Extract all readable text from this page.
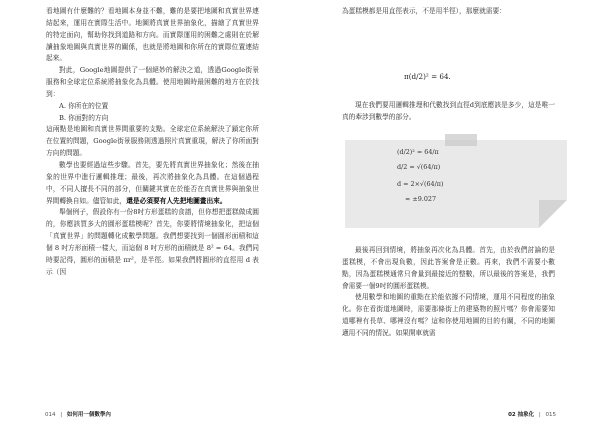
看地圖有什麼難的？看地圖本身並不難，難的是要把地圖和真實世界連結起來，運用在實際生活中。地圖將真實世界抽象化，描繪了真實世界的特定面向，幫助你找到道路和方向。而實際運用的困難之處則在於解讀抽象地圖與真實世界的關係，也就是將地圖和你所在的實際位置連結起來。

對此，Google地圖提供了一個絕妙的解決之道，透過Google街景服務和全球定位系統將抽象化為具體。使用地圖時最困難的地方在於找到：

A. 你所在的位置

B. 你面對的方向

這兩點是地圖和真實世界間重要的支點。全球定位系統解決了鎖定你所在位置的問題，Google街景服務則透過照片真實重現，解決了你所面對方向的問題。

數學也要經過這些步驟。首先，要先將真實世界抽象化；然後在抽象的世界中進行邏輯推理；最後，再次將抽象化為具體。在這個過程中，不同人擅長不同的部分，但關鍵其實在於能否在真實世界與抽象世界間轉換自如。儘管如此，還是必須要有人先把地圖畫出來。

舉個例子，假設你有一份8吋方形蛋糕的食譜，但你想把蛋糕做成圓的，你應該買多大的圓形蛋糕模呢？首先，你要將情境抽象化，把這個「真實世界」的問題轉化成數學問題。我們想要找到一個圓形面積和這個 8 吋方形面積一樣大，而這個 8 吋方形的面積就是 8² = 64。我們同時要記得，圓形的面積是 πr²，是半徑。如果我們將圓形的直徑用 d 表示（因

為蛋糕模都是用直徑表示，不是用半徑），那麼就需要：

π(d/2)² = 64.

現在我們要用邏輯推理和代數找到直徑d到底應該是多少，這是唯一真的牽涉到數學的部分。

(d/2)² = 64/π
d/2 = √(64/π)
d = 2×√(64/π)
≈ ±9.027

最後再回到情境，將抽象再次化為具體。首先，由於我們討論的是蛋糕模，不會出現負數，因此答案會是正數。再來，我們不需要小數點，因為蛋糕模通常只會量到最接近的整數，所以最後的答案是，我們會需要一個9吋的圓形蛋糕模。

使用數學和地圖的重點在於能依據不同情境，運用不同程度的抽象化。你在看街道地圖時，需要那條街上的建築物的照片嗎？你會需要知道哪裡有長草、哪裡沒有嗎？這和你使用地圖的目的有關，不同的地圖適用不同的情況。如果開車就需

014 | 如何用一個數學內	02 抽象化 | 015
